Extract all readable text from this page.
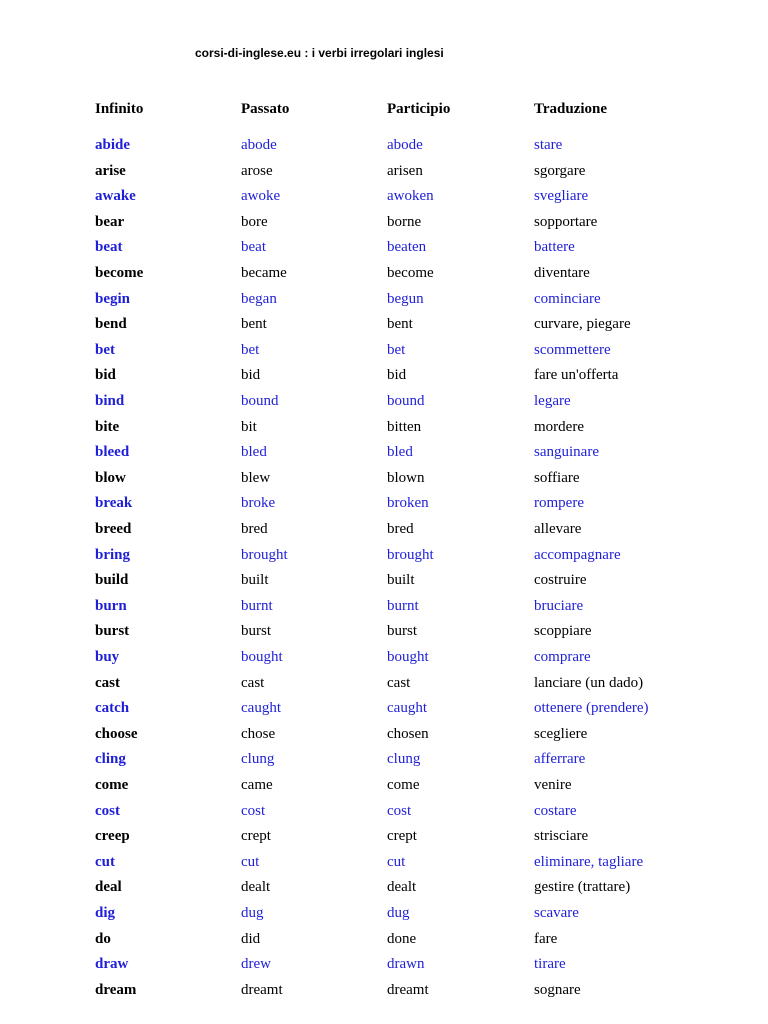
corsi-di-inglese.eu : i verbi irregolari inglesi
Infinito	Passato	Participio	Traduzione
abide	abode	abode	stare
arise	arose	arisen	sgorgare
awake	awoke	awoken	svegliare
bear	bore	borne	sopportare
beat	beat	beaten	battere
become	became	become	diventare
begin	began	begun	cominciare
bend	bent	bent	curvare, piegare
bet	bet	bet	scommettere
bid	bid	bid	fare un'offerta
bind	bound	bound	legare
bite	bit	bitten	mordere
bleed	bled	bled	sanguinare
blow	blew	blown	soffiare
break	broke	broken	rompere
breed	bred	bred	allevare
bring	brought	brought	accompagnare
build	built	built	costruire
burn	burnt	burnt	bruciare
burst	burst	burst	scoppiare
buy	bought	bought	comprare
cast	cast	cast	lanciare (un dado)
catch	caught	caught	ottenere (prendere)
choose	chose	chosen	scegliere
cling	clung	clung	afferrare
come	came	come	venire
cost	cost	cost	costare
creep	crept	crept	strisciare
cut	cut	cut	eliminare, tagliare
deal	dealt	dealt	gestire (trattare)
dig	dug	dug	scavare
do	did	done	fare
draw	drew	drawn	tirare
dream	dreamt	dreamt	sognare
